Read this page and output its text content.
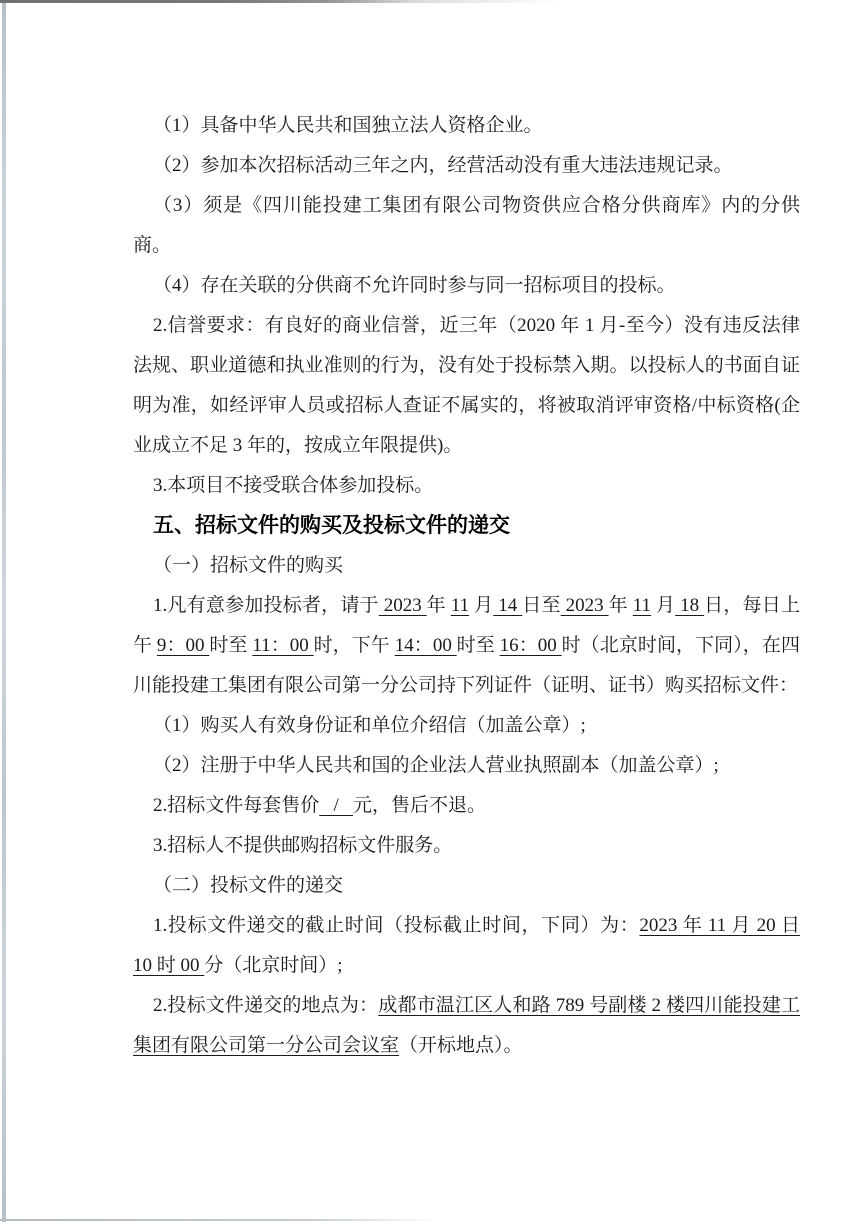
（1）具备中华人民共和国独立法人资格企业。

（2）参加本次招标活动三年之内，经营活动没有重大违法违规记录。

（3）须是《四川能投建工集团有限公司物资供应合格分供商库》内的分供商。

（4）存在关联的分供商不允许同时参与同一招标项目的投标。

2.信誉要求：有良好的商业信誉，近三年（2020 年 1 月-至今）没有违反法律法规、职业道德和执业准则的行为，没有处于投标禁入期。以投标人的书面自证明为准，如经评审人员或招标人查证不属实的，将被取消评审资格/中标资格(企业成立不足 3 年的，按成立年限提供)。

3.本项目不接受联合体参加投标。

五、招标文件的购买及投标文件的递交

（一）招标文件的购买

1.凡有意参加投标者，请于 2023 年 11 月 14 日至 2023 年 11 月 18 日，每日上午 9：00 时至 11：00 时，下午 14：00 时至 16：00 时（北京时间，下同），在四川能投建工集团有限公司第一分公司持下列证件（证明、证书）购买招标文件：

（1）购买人有效身份证和单位介绍信（加盖公章）;

（2）注册于中华人民共和国的企业法人营业执照副本（加盖公章）;

2.招标文件每套售价   /   元，售后不退。

3.招标人不提供邮购招标文件服务。

（二）投标文件的递交

1.投标文件递交的截止时间（投标截止时间，下同）为：2023 年 11 月 20 日 10 时 00 分（北京时间）;

2.投标文件递交的地点为：成都市温江区人和路 789 号副楼 2 楼四川能投建工集团有限公司第一分公司会议室（开标地点）。
